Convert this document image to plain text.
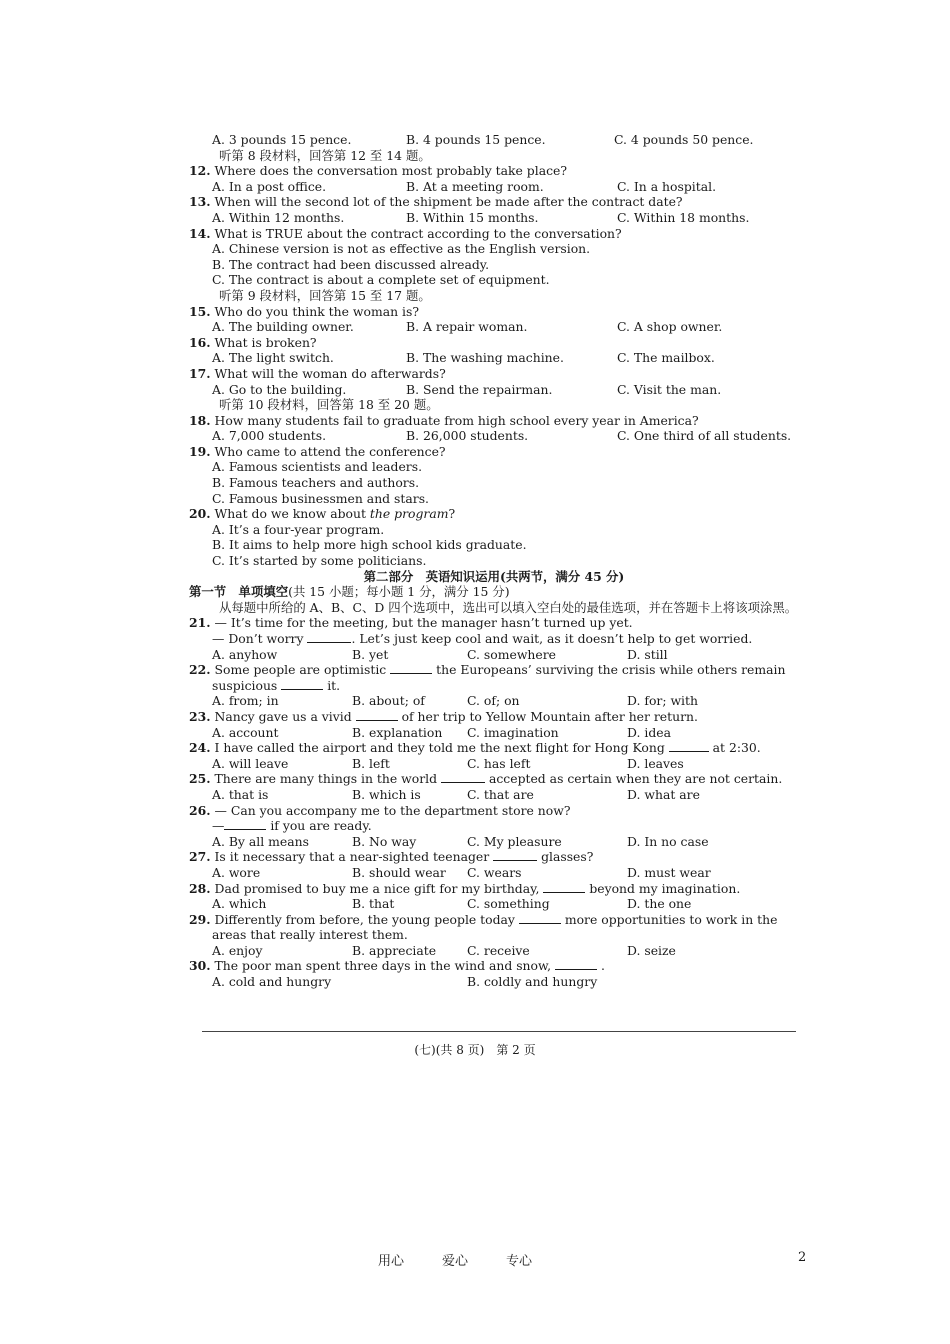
A. 3 pounds 15 pence.	B. 4 pounds 15 pence.	C. 4 pounds 50 pence.
听第 8 段材料，回答第 12 至 14 题。
12. Where does the conversation most probably take place?
A. In a post office.	B. At a meeting room.	C. In a hospital.
13. When will the second lot of the shipment be made after the contract date?
A. Within 12 months.	B. Within 15 months.	C. Within 18 months.
14. What is TRUE about the contract according to the conversation?
A. Chinese version is not as effective as the English version.
B. The contract had been discussed already.
C. The contract is about a complete set of equipment.
听第 9 段材料，回答第 15 至 17 题。
15. Who do you think the woman is?
A. The building owner.	B. A repair woman.	C. A shop owner.
16. What is broken?
A. The light switch.	B. The washing machine.	C. The mailbox.
17. What will the woman do afterwards?
A. Go to the building.	B. Send the repairman.	C. Visit the man.
听第 10 段材料，回答第 18 至 20 题。
18. How many students fail to graduate from high school every year in America?
A. 7,000 students.	B. 26,000 students.	C. One third of all students.
19. Who came to attend the conference?
A. Famous scientists and leaders.
B. Famous teachers and authors.
C. Famous businessmen and stars.
20. What do we know about the program?
A. It’s a four-year program.
B. It aims to help more high school kids graduate.
C. It’s started by some politicians.
第二部分　英语知识运用(共两节，满分 45 分)
第一节　单项填空(共 15 小题；每小题 1 分，满分 15 分)
从每题中所给的 A、B、C、D 四个选项中，选出可以填入空白处的最佳选项，并在答题卡上将该项涂黑。
21. — It’s time for the meeting, but the manager hasn’t turned up yet.
— Don’t worry	. Let’s just keep cool and wait, as it doesn’t help to get worried.
A. anyhow	B. yet	C. somewhere	D. still
22. Some people are optimistic	the Europeans’ surviving the crisis while others remain
suspicious	it.
A. from; in	B. about; of	C. of; on	D. for; with
23. Nancy gave us a vivid	of her trip to Yellow Mountain after her return.
A. account	B. explanation C. imagination	D. idea
24. I have called the airport and they told me the next flight for Hong Kong	at 2:30.
A. will leave	B. left	C. has left	D. leaves
25. There are many things in the world	accepted as certain when they are not certain.
A. that is	B. which is	C. that are	D. what are
26. — Can you accompany me to the department store now?
—	if you are ready.
A. By all means	B. No way	C. My pleasure	D. In no case
27. Is it necessary that a near-sighted teenager	glasses?
A. wore	B. should wear C. wears	D. must wear
28. Dad promised to buy me a nice gift for my birthday,	beyond my imagination.
A. which	B. that	C. something	D. the one
29. Differently from before, the young people today	more opportunities to work in the
areas that really interest them.
A. enjoy	B. appreciate C. receive	D. seize
30. The poor man spent three days in the wind and snow,	.
A. cold and hungry	B. coldly and hungry
(七)(共 8 页)　第 2 页
用心	爱心	专心	2
